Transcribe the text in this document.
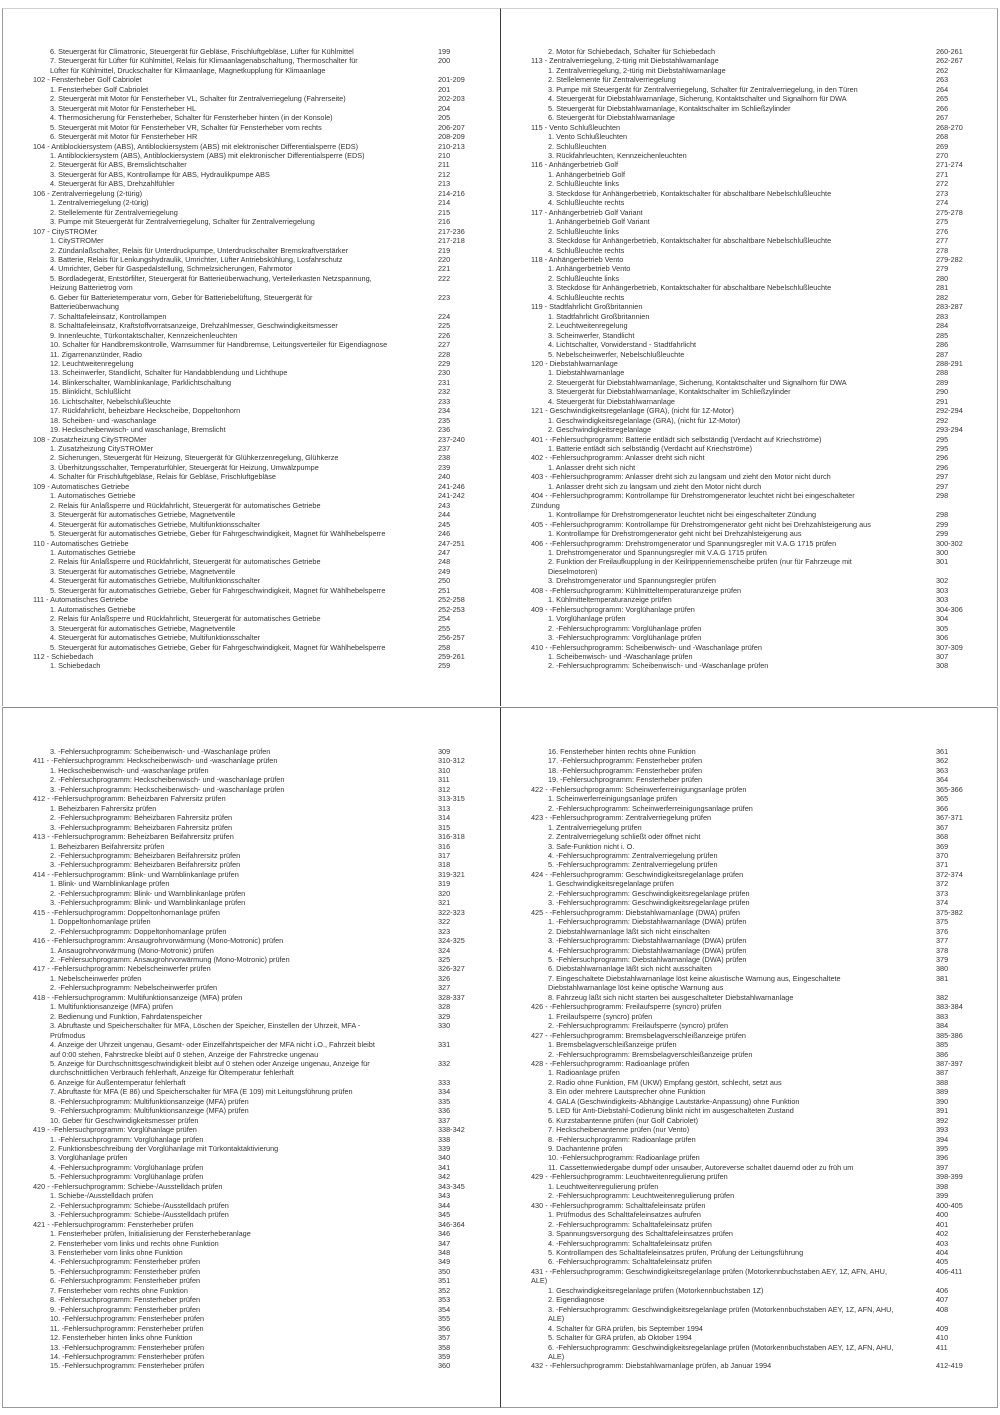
6. Steuergerät für Climatronic, Steuergerät für Gebläse, Frischluftgebläse, Lüfter für Kühlmittel	199
7. Steuergerät für Lüfter für Kühlmittel, Relais für Klimaanlagenabschaltung, Thermoschalter für
Lüfter für Kühlmittel, Druckschalter für Klimaanlage, Magnetkupplung für Klimaanlage
200
102 - Fensterheber Golf Cabriolet	201-209
1. Fensterheber Golf Cabriolet	201
2. Steuergerät mit Motor für Fensterheber VL, Schalter für Zentralverriegelung (Fahrerseite)	202-203
3. Steuergerät mit Motor für Fensterheber HL	204
4. Thermosicherung für Fensterheber, Schalter für Fensterheber hinten (in der Konsole)	205
5. Steuergerät mit Motor für Fensterheber VR, Schalter für Fensterheber vorn rechts	206-207
6. Steuergerät mit Motor für Fensterheber HR	208-209
104 - Antiblockiersystem (ABS), Antiblockiersystem (ABS) mit elektronischer Differentialsperre (EDS)	210-213
1. Antiblockiersystem (ABS), Antiblockiersystem (ABS) mit elektronischer Differentialsperre (EDS)	210
2. Steuergerät für ABS, Bremslichtschalter	211
3. Steuergerät für ABS, Kontrollampe für ABS, Hydraulikpumpe ABS	212
4. Steuergerät für ABS, Drehzahlfühler	213
106 - Zentralverriegelung (2-türig)	214-216
1. Zentralverriegelung (2-türig)	214
2. Stellelemente für Zentralverriegelung	215
3. Pumpe mit Steuergerät für Zentralverriegelung, Schalter für Zentralverriegelung	216
107 - CitySTROMer	217-236
1. CitySTROMer	217-218
2. Zündanlaßschalter, Relais für Unterdruckpumpe, Unterdruckschalter Bremskraftverstärker	219
3. Batterie, Relais für Lenkungshydraulik, Umrichter, Lüfter Antriebskühlung, Losfahrschutz	220
4. Umrichter, Geber für Gaspedalstellung, Schmelzsicherungen, Fahrmotor	221
5. Bordladegerät, Entstörfilter, Steuergerät für Batterieüberwachung, Verteilerkasten Netzspannung,
Heizung Batterietrog vorn
222
6. Geber für Batterietemperatur vorn, Geber für Batteriebelüftung, Steuergerät für
Batterieüberwachung
223
7. Schalttafeleinsatz, Kontrollampen	224
8. Schalttafeleinsatz, Kraftstoffvorratsanzeige, Drehzahlmesser, Geschwindigkeitsmesser	225
9. Innenleuchte, Türkontaktschalter, Kennzeichenleuchten	226
10. Schalter für Handbremskontrolle, Warnsummer für Handbremse, Leitungsverteiler für Eigendiagnose	227
11. Zigarrenanzünder, Radio	228
12. Leuchtweitenregelung	229
13. Scheinwerfer, Standlicht, Schalter für Handabblendung und Lichthupe	230
14. Blinkerschalter, Warnblinkanlage, Parklichtschaltung	231
15. Blinklicht, Schlußlicht	232
16. Lichtschalter, Nebelschlußleuchte	233
17. Rückfahrlicht, beheizbare Heckscheibe, Doppeltonhorn	234
18. Scheiben- und -waschanlage	235
19. Heckscheibenwisch- und waschanlage, Bremslicht	236
108 - Zusatzheizung CitySTROMer	237-240
1. Zusatzheizung CitySTROMer	237
2. Sicherungen, Steuergerät für Heizung, Steuergerät für Glühkerzenregelung, Glühkerze	238
3. Überhitzungsschalter, Temperaturfühler, Steuergerät für Heizung, Umwälzpumpe	239
4. Schalter für Frischluftgebläse, Relais für Gebläse, Frischluftgebläse	240
109 - Automatisches Getriebe	241-246
1. Automatisches Getriebe	241-242
2. Relais für Anlaßsperre und Rückfahrlicht, Steuergerät für automatisches Getriebe	243
3. Steuergerät für automatisches Getriebe, Magnetventile	244
4. Steuergerät für automatisches Getriebe, Multifunktionsschalter	245
5. Steuergerät für automatisches Getriebe, Geber für Fahrgeschwindigkeit, Magnet für Wählhebelsperre	246
110 - Automatisches Getriebe	247-251
1. Automatisches Getriebe	247
2. Relais für Anlaßsperre und Rückfahrlicht, Steuergerät für automatisches Getriebe	248
3. Steuergerät für automatisches Getriebe, Magnetventile	249
4. Steuergerät für automatisches Getriebe, Multifunktionsschalter	250
5. Steuergerät für automatisches Getriebe, Geber für Fahrgeschwindigkeit, Magnet für Wählhebelsperre	251
111 - Automatisches Getriebe	252-258
1. Automatisches Getriebe	252-253
2. Relais für Anlaßsperre und Rückfahrlicht, Steuergerät für automatisches Getriebe	254
3. Steuergerät für automatisches Getriebe, Magnetventile	255
4. Steuergerät für automatisches Getriebe, Multifunktionsschalter	256-257
5. Steuergerät für automatisches Getriebe, Geber für Fahrgeschwindigkeit, Magnet für Wählhebelsperre	258
112 - Schiebedach	259-261
1. Schiebedach	259
2. Motor für Schiebedach, Schalter für Schiebedach	260-261
113 - Zentralverriegelung, 2-türig mit Diebstahlwarnanlage	262-267
1. Zentralverriegelung, 2-türig mit Diebstahlwarnanlage	262
2. Stellelemente für Zentralverriegelung	263
3. Pumpe mit Steuergerät für Zentralverriegelung, Schalter für Zentralverriegelung, in den Türen	264
4. Steuergerät für Diebstahlwarnanlage, Sicherung, Kontaktschalter und Signalhorn für DWA	265
5. Steuergerät für Diebstahlwarnanlage, Kontaktschalter im Schließzylinder	266
6. Steuergerät für Diebstahlwarnanlage	267
115 - Vento Schlußleuchten	268-270
1. Vento Schlußleuchten	268
2. Schlußleuchten	269
3. Rückfahrleuchten, Kennzeichenleuchten	270
116 - Anhängerbetrieb Golf	271-274
1. Anhängerbetrieb Golf	271
2. Schlußleuchte links	272
3. Steckdose für Anhängerbetrieb, Kontaktschalter für abschaltbare Nebelschlußleuchte	273
4. Schlußleuchte rechts	274
117 - Anhängerbetrieb Golf Variant	275-278
1. Anhängerbetrieb Golf Variant	275
2. Schlußleuchte links	276
3. Steckdose für Anhängerbetrieb, Kontaktschalter für abschaltbare Nebelschlußleuchte	277
4. Schlußleuchte rechts	278
118 - Anhängerbetrieb Vento	279-282
1. Anhängerbetrieb Vento	279
2. Schlußleuchte links	280
3. Steckdose für Anhängerbetrieb, Kontaktschalter für abschaltbare Nebelschlußleuchte	281
4. Schlußleuchte rechts	282
119 - Stadtfahrlicht Großbritannien	283-287
1. Stadtfahrlicht Großbritannien	283
2. Leuchtweitenregelung	284
3. Scheinwerfer, Standlicht	285
4. Lichtschalter, Vorwiderstand - Stadtfahrlicht	286
5. Nebelscheinwerfer, Nebelschlußleuchte	287
120 - Diebstahlwarnanlage	288-291
1. Diebstahlwarnanlage	288
2. Steuergerät für Diebstahlwarnanlage, Sicherung, Kontaktschalter und Signalhorn für DWA	289
3. Steuergerät für Diebstahlwarnanlage, Kontaktschalter im Schließzylinder	290
4. Steuergerät für Diebstahlwarnanlage	291
121 - Geschwindigkeitsregelanlage (GRA), (nicht für 1Z-Motor)	292-294
1. Geschwindigkeitsregelanlage (GRA), (nicht für 1Z-Motor)	292
2. Geschwindigkeitsregelanlage	293-294
401 - -Fehlersuchprogramm: Batterie entlädt sich selbständig (Verdacht auf Kriechströme)	295
1. Batterie entlädt sich selbständig (Verdacht auf Kriechströme)	295
402 - -Fehlersuchprogramm: Anlasser dreht sich nicht	296
1. Anlasser dreht sich nicht	296
403 - -Fehlersuchprogramm: Anlasser dreht sich zu langsam und zieht den Motor nicht durch	297
1. Anlasser dreht sich zu langsam und zieht den Motor nicht durch	297
404 - -Fehlersuchprogramm: Kontrollampe für Drehstromgenerator leuchtet nicht bei eingeschalteter
Zündung
298
1. Kontrollampe für Drehstromgenerator leuchtet nicht bei eingeschalteter Zündung	298
405 - -Fehlersuchprogramm: Kontrollampe für Drehstromgenerator geht nicht bei Drehzahlsteigerung aus	299
1. Kontrollampe für Drehstromgenerator geht nicht bei Drehzahlsteigerung aus	299
406 - -Fehlersuchprogramm: Drehstromgenerator und Spannungsregler mit V.A.G 1715 prüfen	300-302
1. Drehstromgenerator und Spannungsregler mit V.A.G 1715 prüfen	300
2. Funktion der Freilaufkupplung in der Keilrippenriemenscheibe prüfen (nur für Fahrzeuge mit
Dieselmotoren)
301
3. Drehstromgenerator und Spannungsregler prüfen	302
408 - -Fehlersuchprogramm: Kühlmitteltemperaturanzeige prüfen	303
1. Kühlmitteltemperaturanzeige prüfen	303
409 - -Fehlersuchprogramm: Vorglühanlage prüfen	304-306
1. Vorglühanlage prüfen	304
2. -Fehlersuchprogramm: Vorglühanlage prüfen	305
3. -Fehlersuchprogramm: Vorglühanlage prüfen	306
410 - -Fehlersuchprogramm: Scheibenwisch- und -Waschanlage prüfen	307-309
1. Scheibenwisch- und -Waschanlage prüfen	307
2. -Fehlersuchprogramm: Scheibenwisch- und -Waschanlage prüfen	308
3. -Fehlersuchprogramm: Scheibenwisch- und -Waschanlage prüfen	309
411 - -Fehlersuchprogramm: Heckscheibenwisch- und -waschanlage prüfen	310-312
1. Heckscheibenwisch- und -waschanlage prüfen	310
2. -Fehlersuchprogramm: Heckscheibenwisch- und -waschanlage prüfen	311
3. -Fehlersuchprogramm: Heckscheibenwisch- und -waschanlage prüfen	312
412 - -Fehlersuchprogramm: Beheizbaren Fahrersitz prüfen	313-315
1. Beheizbaren Fahrersitz prüfen	313
2. -Fehlersuchprogramm: Beheizbaren Fahrersitz prüfen	314
3. -Fehlersuchprogramm: Beheizbaren Fahrersitz prüfen	315
413 - -Fehlersuchprogramm: Beheizbaren Beifahrersitz prüfen	316-318
1. Beheizbaren Beifahrersitz prüfen	316
2. -Fehlersuchprogramm: Beheizbaren Beifahrersitz prüfen	317
3. -Fehlersuchprogramm: Beheizbaren Beifahrersitz prüfen	318
414 - -Fehlersuchprogramm: Blink- und Warnblinkanlage prüfen	319-321
1. Blink- und Warnblinkanlage prüfen	319
2. -Fehlersuchprogramm: Blink- und Warnblinkanlage prüfen	320
3. -Fehlersuchprogramm: Blink- und Warnblinkanlage prüfen	321
415 - -Fehlersuchprogramm: Doppeltonhornanlage prüfen	322-323
1. Doppeltonhornanlage prüfen	322
2. -Fehlersuchprogramm: Doppeltonhornanlage prüfen	323
416 - -Fehlersuchprogramm: Ansaugrohrvorwärmung (Mono-Motronic) prüfen	324-325
1. Ansaugrohrvorwärmung (Mono-Motronic) prüfen	324
2. -Fehlersuchprogramm: Ansaugrohrvorwärmung (Mono-Motronic) prüfen	325
417 - -Fehlersuchprogramm: Nebelscheinwerfer prüfen	326-327
1. Nebelscheinwerfer prüfen	326
2. -Fehlersuchprogramm: Nebelscheinwerfer prüfen	327
418 - -Fehlersuchprogramm: Multifunktionsanzeige (MFA) prüfen	328-337
1. Multifunktionsanzeige (MFA) prüfen	328
2. Bedienung und Funktion, Fahrdatenspeicher	329
3. Abruftaste und Speicherschalter für MFA, Löschen der Speicher, Einstellen der Uhrzeit, MFA -
Prüfmodus
330
4. Anzeige der Uhrzeit ungenau, Gesamt- oder Einzelfahrtspeicher der MFA nicht i.O., Fahrzeit bleibt
auf 0:00 stehen, Fahrstrecke bleibt auf 0 stehen, Anzeige der Fahrstrecke ungenau
331
5. Anzeige für Durchschnittsgeschwindigkeit bleibt auf 0 stehen oder Anzeige ungenau, Anzeige für
durchschnittlichen Verbrauch fehlerhaft, Anzeige für Öltemperatur fehlerhaft
332
6. Anzeige für Außentemperatur fehlerhaft	333
7. Abruftaste für MFA (E 86) und Speicherschalter für MFA (E 109) mit Leitungsführung prüfen	334
8. -Fehlersuchprogramm: Multifunktionsanzeige (MFA) prüfen	335
9. -Fehlersuchprogramm: Multifunktionsanzeige (MFA) prüfen	336
10. Geber für Geschwindigkeitsmesser prüfen	337
419 - -Fehlersuchprogramm: Vorglühanlage prüfen	338-342
1. -Fehlersuchprogramm: Vorglühanlage prüfen	338
2. Funktionsbeschreibung der Vorglühanlage mit Türkontaktaktivierung	339
3. Vorglühanlage prüfen	340
4. -Fehlersuchprogramm: Vorglühanlage prüfen	341
5. -Fehlersuchprogramm: Vorglühanlage prüfen	342
420 - -Fehlersuchprogramm: Schiebe-/Ausstelldach prüfen	343-345
1. Schiebe-/Ausstelldach prüfen	343
2. -Fehlersuchprogramm: Schiebe-/Ausstelldach prüfen	344
3. -Fehlersuchprogramm: Schiebe-/Ausstelldach prüfen	345
421 - -Fehlersuchprogramm: Fensterheber prüfen	346-364
1. Fensterheber prüfen, Initialisierung der Fensterheberanlage	346
2. Fensterheber vorn links und rechts ohne Funktion	347
3. Fensterheber vorn links ohne Funktion	348
4. -Fehlersuchprogramm: Fensterheber prüfen	349
5. -Fehlersuchprogramm: Fensterheber prüfen	350
6. -Fehlersuchprogramm: Fensterheber prüfen	351
7. Fensterheber vorn rechts ohne Funktion	352
8. -Fehlersuchprogramm: Fensterheber prüfen	353
9. -Fehlersuchprogramm: Fensterheber prüfen	354
10. -Fehlersuchprogramm: Fensterheber prüfen	355
11. -Fehlersuchprogramm: Fensterheber prüfen	356
12. Fensterheber hinten links ohne Funktion	357
13. -Fehlersuchprogramm: Fensterheber prüfen	358
14. -Fehlersuchprogramm: Fensterheber prüfen	359
15. -Fehlersuchprogramm: Fensterheber prüfen	360
16. Fensterheber hinten rechts ohne Funktion	361
17. -Fehlersuchprogramm: Fensterheber prüfen	362
18. -Fehlersuchprogramm: Fensterheber prüfen	363
19. -Fehlersuchprogramm: Fensterheber prüfen	364
422 - -Fehlersuchprogramm: Scheinwerferreinigungsanlage prüfen	365-366
1. Scheinwerferreinigungsanlage prüfen	365
2. -Fehlersuchprogramm: Scheinwerferreinigungsanlage prüfen	366
423 - -Fehlersuchprogramm: Zentralverriegelung prüfen	367-371
1. Zentralverriegelung prüfen	367
2. Zentralverriegelung schließt oder öffnet nicht	368
3. Safe-Funktion nicht i. O.	369
4. -Fehlersuchprogramm: Zentralverriegelung prüfen	370
5. -Fehlersuchprogramm: Zentralverriegelung prüfen	371
424 - -Fehlersuchprogramm: Geschwindigkeitsregelanlage prüfen	372-374
1. Geschwindigkeitsregelanlage prüfen	372
2. -Fehlersuchprogramm: Geschwindigkeitsregelanlage prüfen	373
3. -Fehlersuchprogramm: Geschwindigkeitsregelanlage prüfen	374
425 - -Fehlersuchprogramm: Diebstahlwarnanlage (DWA) prüfen	375-382
1. -Fehlersuchprogramm: Diebstahlwarnanlage (DWA) prüfen	375
2. Diebstahlwarnanlage läßt sich nicht einschalten	376
3. -Fehlersuchprogramm: Diebstahlwarnanlage (DWA) prüfen	377
4. -Fehlersuchprogramm: Diebstahlwarnanlage (DWA) prüfen	378
5. -Fehlersuchprogramm: Diebstahlwarnanlage (DWA) prüfen	379
6. Diebstahlwarnanlage läßt sich nicht ausschalten	380
7. Eingeschaltete Diebstahlwarnanlage löst keine akustische Warnung aus, Eingeschaltete
Diebstahlwarnanlage löst keine optische Warnung aus
381
8. Fahrzeug läßt sich nicht starten bei ausgeschalteter Diebstahlwarnanlage	382
426 - -Fehlersuchprogramm: Freilaufsperre (syncro) prüfen	383-384
1. Freilaufsperre (syncro) prüfen	383
2. -Fehlersuchprogramm: Freilaufsperre (syncro) prüfen	384
427 - -Fehlersuchprogramm: Bremsbelagverschleißanzeige prüfen	385-386
1. Bremsbelagverschleißanzeige prüfen	385
2. -Fehlersuchprogramm: Bremsbelagverschleißanzeige prüfen	386
428 - -Fehlersuchprogramm: Radioanlage prüfen	387-397
1. Radioanlage prüfen	387
2. Radio ohne Funktion, FM (UKW) Empfang gestört, schlecht, setzt aus	388
3. Ein oder mehrere Lautsprecher ohne Funktion	389
4. GALA (Geschwindigkeits-Abhängige Lautstärke-Anpassung) ohne Funktion	390
5. LED für Anti-Diebstahl-Codierung blinkt nicht im ausgeschalteten Zustand	391
6. Kurzstabantenne prüfen (nur Golf Cabriolet)	392
7. Heckscheibenantenne prüfen (nur Vento)	393
8. -Fehlersuchprogramm: Radioanlage prüfen	394
9. Dachantenne prüfen	395
10. -Fehlersuchprogramm: Radioanlage prüfen	396
11. Cassettenwiedergabe dumpf oder unsauber, Autoreverse schaltet dauernd oder zu früh um	397
429 - -Fehlersuchprogramm: Leuchtweitenregulierung prüfen	398-399
1. Leuchtweitenregulierung prüfen	398
2. -Fehlersuchprogramm: Leuchtweitenregulierung prüfen	399
430 - -Fehlersuchprogramm: Schalttafeleinsatz prüfen	400-405
1. Prüfmodus des Schalttafeleinsatzes aufrufen	400
2. -Fehlersuchprogramm: Schalttafeleinsatz prüfen	401
3. Spannungsversorgung des Schalttafeleinsatzes prüfen	402
4. -Fehlersuchprogramm: Schalttafeleinsatz prüfen	403
5. Kontrollampen des Schalttafeleinsatzes prüfen, Prüfung der Leitungsführung	404
6. -Fehlersuchprogramm: Schalttafeleinsatz prüfen	405
431 - -Fehlersuchprogramm: Geschwindigkeitsregelanlage prüfen (Motorkennbuchstaben AEY, 1Z, AFN, AHU,
ALE)
406-411
1. Geschwindigkeitsregelanlage prüfen (Motorkennbuchstaben 1Z)	406
2. Eigendiagnose	407
3. -Fehlersuchprogramm: Geschwindigkeitsregelanlage prüfen (Motorkennbuchstaben AEY, 1Z, AFN, AHU,
ALE)
408
4. Schalter für GRA prüfen, bis September 1994	409
5. Schalter für GRA prüfen, ab Oktober 1994	410
6. -Fehlersuchprogramm: Geschwindigkeitsregelanlage prüfen (Motorkennbuchstaben AEY, 1Z, AFN, AHU,
ALE)
411
432 - -Fehlersuchprogramm: Diebstahlwarnanlage prüfen, ab Januar 1994	412-419
